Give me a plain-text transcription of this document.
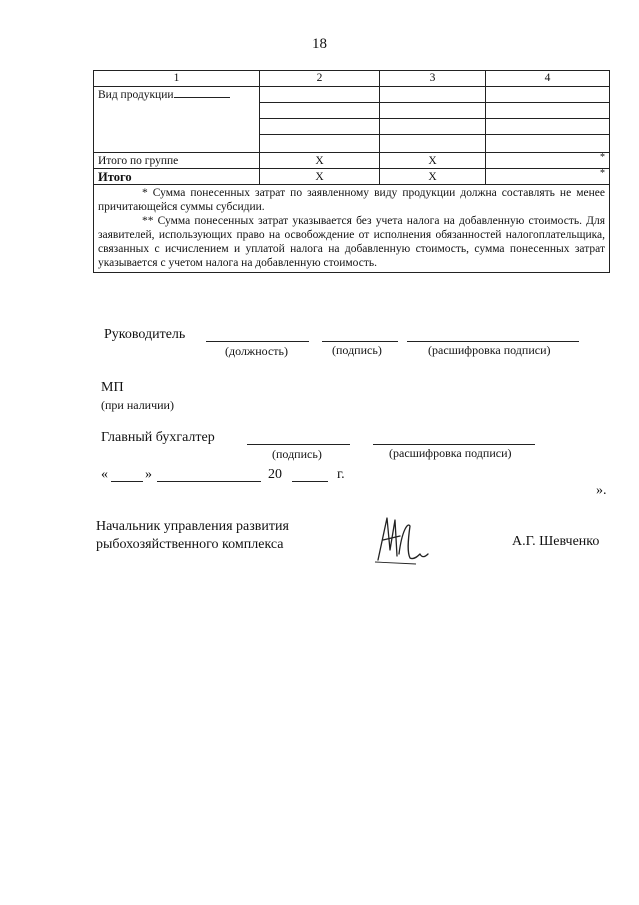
18
1	2	3	4
Вид продукции			

Итого по группе	X	X	*
Итого	X	X	*

* Сумма понесенных затрат по заявленному виду продукции должна составлять не менее причитающейся суммы субсидии.

** Сумма понесенных затрат указывается без учета налога на добавленную стоимость. Для заявителей, использующих право на освобождение от исполнения обязанностей налогоплательщика, связанных с исчислением и уплатой налога на добавленную стоимость, сумма понесенных затрат указывается с учетом налога на добавленную стоимость.			

Руководитель
(должность)	(подпись)	(расшифровка подписи)
МП
(при наличии)
Главный бухгалтер
(подпись)	(расшифровка подписи)
«	»	20	г.
».
Начальник управления развития
рыбохозяйственного комплекса	А.Г. Шевченко
